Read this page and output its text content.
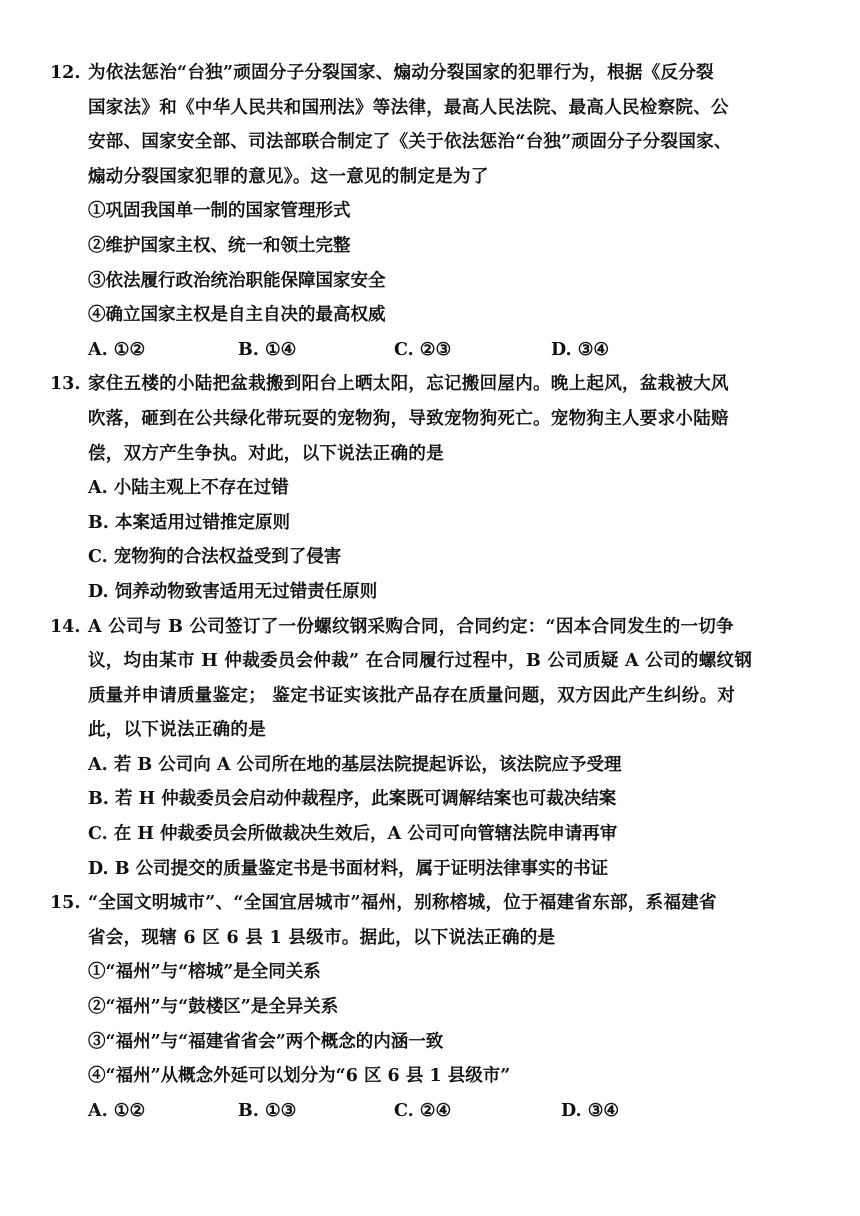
12. 为依法惩治“台独”顽固分子分裂国家、煽动分裂国家的犯罪行为，根据《反分裂
国家法》和《中华人民共和国刑法》等法律，最高人民法院、最高人民检察院、公
安部、国家安全部、司法部联合制定了《关于依法惩治“台独”顽固分子分裂国家、
煽动分裂国家犯罪的意见》。这一意见的制定是为了
①巩固我国单一制的国家管理形式
②维护国家主权、统一和领土完整
③依法履行政治统治职能保障国家安全
④确立国家主权是自主自决的最高权威
A. ①②	B. ①④	C. ②③	D. ③④
13. 家住五楼的小陆把盆栽搬到阳台上晒太阳，忘记搬回屋内。晚上起风，盆栽被大风
吹落，砸到在公共绿化带玩耍的宠物狗，导致宠物狗死亡。宠物狗主人要求小陆赔
偿，双方产生争执。对此，以下说法正确的是
A. 小陆主观上不存在过错
B. 本案适用过错推定原则
C. 宠物狗的合法权益受到了侵害
D. 饲养动物致害适用无过错责任原则
14. A 公司与 B 公司签订了一份螺纹钢采购合同，合同约定：“因本合同发生的一切争
议，均由某市 H 仲裁委员会仲裁” 在合同履行过程中，B 公司质疑 A 公司的螺纹钢
质量并申请质量鉴定； 鉴定书证实该批产品存在质量问题，双方因此产生纠纷。对
此，以下说法正确的是
A. 若 B 公司向 A 公司所在地的基层法院提起诉讼，该法院应予受理
B. 若 H 仲裁委员会启动仲裁程序，此案既可调解结案也可裁决结案
C. 在 H 仲裁委员会所做裁决生效后，A 公司可向管辖法院申请再审
D. B 公司提交的质量鉴定书是书面材料，属于证明法律事实的书证
15. “全国文明城市”、“全国宜居城市”福州，别称榕城，位于福建省东部，系福建省
省会，现辖 6 区 6 县 1 县级市。据此，以下说法正确的是
①“福州”与“榕城”是全同关系
②“福州”与“鼓楼区”是全异关系
③“福州”与“福建省省会”两个概念的内涵一致
④“福州”从概念外延可以划分为“6 区 6 县 1 县级市”
A. ①②	B. ①③	C. ②④	D. ③④
